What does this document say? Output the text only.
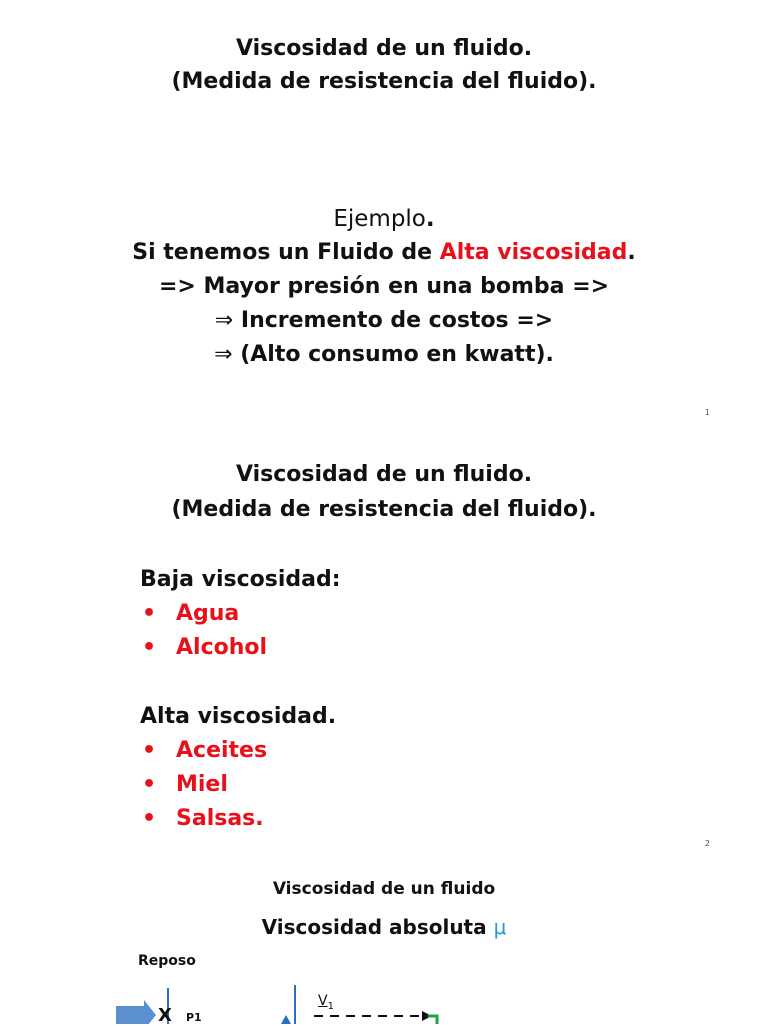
Viscosidad de un fluido.
(Medida de resistencia del fluido).
Ejemplo.
Si tenemos un Fluido de Alta viscosidad.
=> Mayor presión en una bomba =>
⇒ Incremento de costos =>
⇒ (Alto consumo en kwatt).
1
Viscosidad de un fluido.
(Medida de resistencia del fluido).
Baja viscosidad:
• Agua
• Alcohol
Alta viscosidad.
• Aceites
• Miel
• Salsas.
2
Viscosidad de un fluido
Viscosidad absoluta μ
Reposo
X P1
$V_1$
